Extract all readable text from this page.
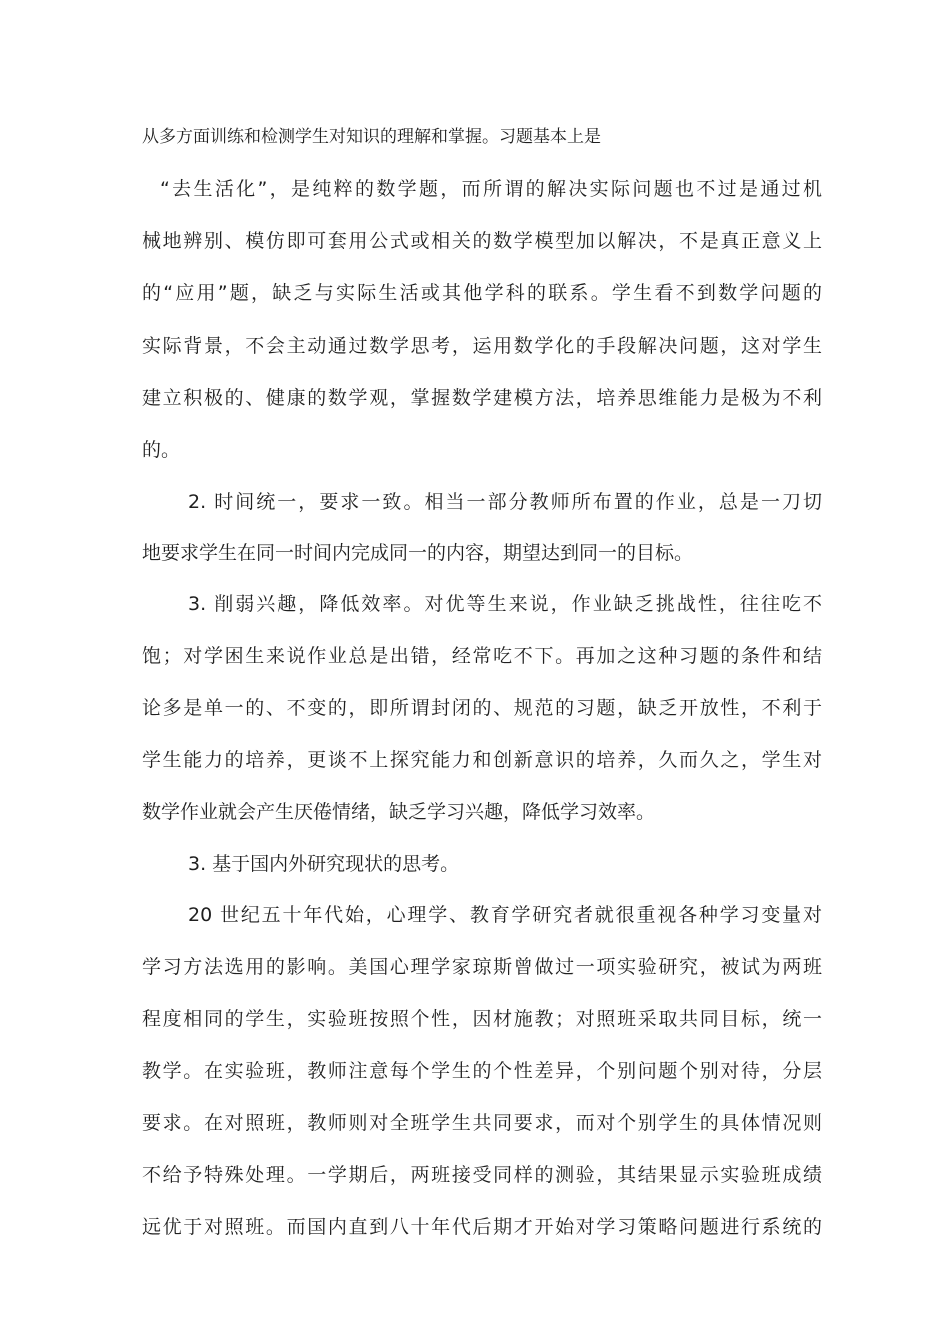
从多方面训练和检测学生对知识的理解和掌握。习题基本上是
“去生活化”，是纯粹的数学题，而所谓的解决实际问题也不过是通过机
械地辨别、模仿即可套用公式或相关的数学模型加以解决，不是真正意义上
的“应用”题，缺乏与实际生活或其他学科的联系。学生看不到数学问题的
实际背景，不会主动通过数学思考，运用数学化的手段解决问题，这对学生
建立积极的、健康的数学观，掌握数学建模方法，培养思维能力是极为不利
的。
2. 时间统一，要求一致。相当一部分教师所布置的作业，总是一刀切
地要求学生在同一时间内完成同一的内容，期望达到同一的目标。
3. 削弱兴趣，降低效率。对优等生来说，作业缺乏挑战性，往往吃不
饱；对学困生来说作业总是出错，经常吃不下。再加之这种习题的条件和结
论多是单一的、不变的，即所谓封闭的、规范的习题，缺乏开放性，不利于
学生能力的培养，更谈不上探究能力和创新意识的培养，久而久之，学生对
数学作业就会产生厌倦情绪，缺乏学习兴趣，降低学习效率。
3. 基于国内外研究现状的思考。
20 世纪五十年代始，心理学、教育学研究者就很重视各种学习变量对
学习方法选用的影响。美国心理学家琼斯曾做过一项实验研究，被试为两班
程度相同的学生，实验班按照个性，因材施教；对照班采取共同目标，统一
教学。在实验班，教师注意每个学生的个性差异，个别问题个别对待，分层
要求。在对照班，教师则对全班学生共同要求，而对个别学生的具体情况则
不给予特殊处理。一学期后，两班接受同样的测验，其结果显示实验班成绩
远优于对照班。而国内直到八十年代后期才开始对学习策略问题进行系统的
